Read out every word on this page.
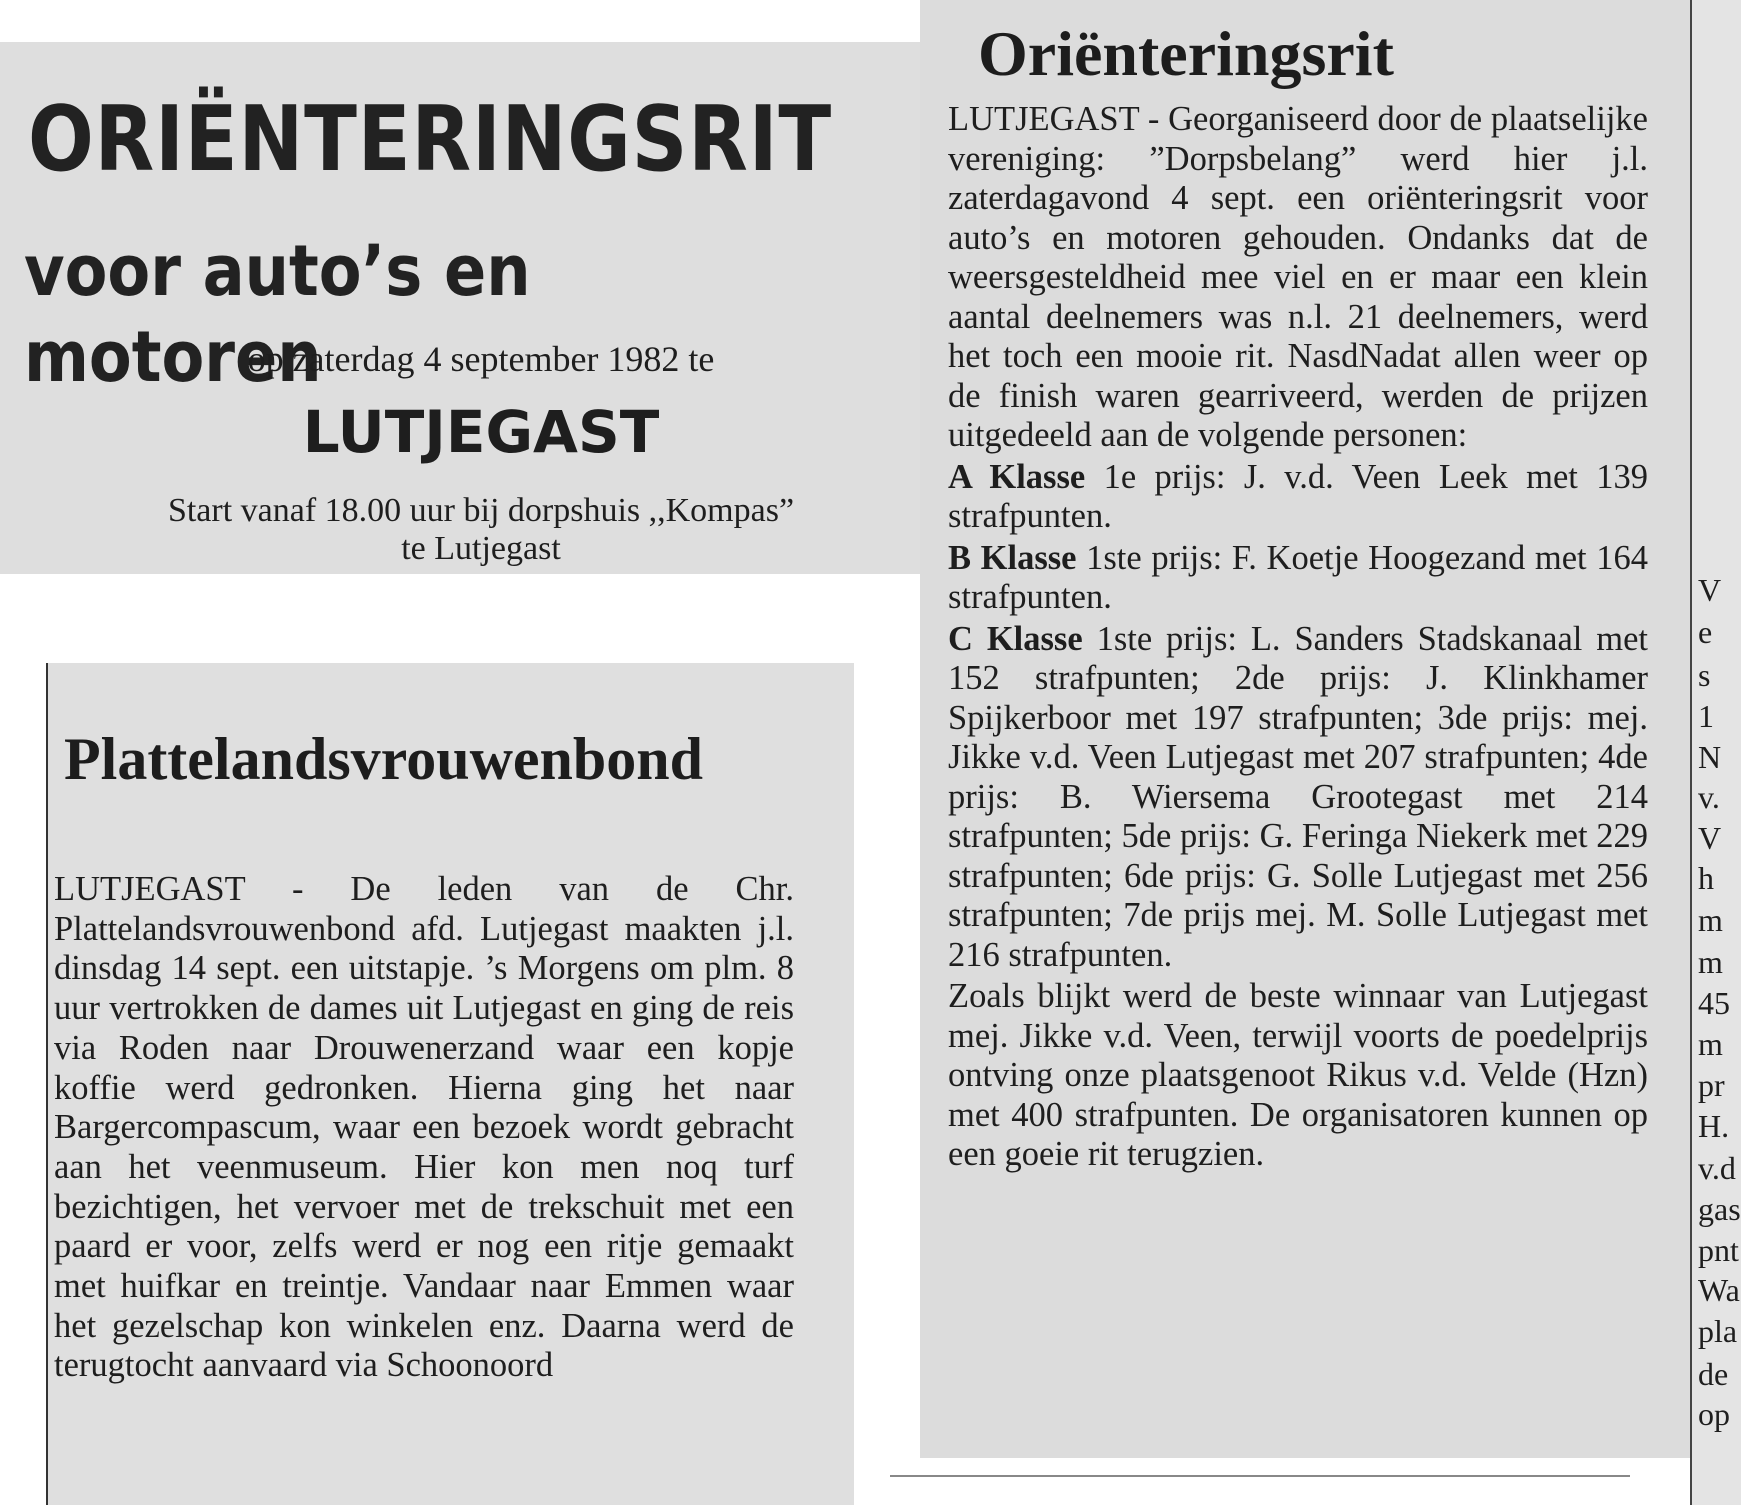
ORIËNTERINGSRIT
voor auto’s en motoren
op zaterdag 4 september 1982 te
LUTJEGAST
Start vanaf 18.00 uur bij dorpshuis ,,Kompas”
te Lutjegast
Oriënteringsrit

LUTJEGAST - Georganiseerd door de plaatselijke vereniging: ”Dorpsbelang” werd hier j.l. zaterdagavond 4 sept. een oriënteringsrit voor auto’s en motoren gehouden. Ondanks dat de weersgesteldheid mee viel en er maar een klein aantal deelnemers was n.l. 21 deelnemers, werd het toch een mooie rit. NasdNadat allen weer op de finish waren gearriveerd, werden de prijzen uitgedeeld aan de volgende personen:

A Klasse 1e prijs: J. v.d. Veen Leek met 139 strafpunten.

B Klasse 1ste prijs: F. Koetje Hoogezand met 164 strafpunten.

C Klasse 1ste prijs: L. Sanders Stadskanaal met 152 strafpunten; 2de prijs: J. Klinkhamer Spijkerboor met 197 strafpunten; 3de prijs: mej. Jikke v.d. Veen Lutjegast met 207 strafpunten; 4de prijs: B. Wiersema Grootegast met 214 strafpunten; 5de prijs: G. Feringa Niekerk met 229 strafpunten; 6de prijs: G. Solle Lutjegast met 256 strafpunten; 7de prijs mej. M. Solle Lutjegast met 216 strafpunten.

Zoals blijkt werd de beste winnaar van Lutjegast mej. Jikke v.d. Veen, terwijl voorts de poedelprijs ontving onze plaatsgenoot Rikus v.d. Velde (Hzn) met 400 strafpunten. De organisatoren kunnen op een goeie rit terugzien.

Plattelandsvrouwenbond

LUTJEGAST - De leden van de Chr. Plattelandsvrouwenbond afd. Lutjegast maakten j.l. dinsdag 14 sept. een uitstapje. ’s Morgens om plm. 8 uur vertrokken de dames uit Lutjegast en ging de reis via Roden naar Drouwenerzand waar een kopje koffie werd gedronken. Hierna ging het naar Bargercompascum, waar een bezoek wordt gebracht aan het veenmuseum. Hier kon men noq turf bezichtigen, het vervoer met de trekschuit met een paard er voor, zelfs werd er nog een ritje gemaakt met huifkar en treintje. Vandaar naar Emmen waar het gezelschap kon winkelen enz. Daarna werd de terugtocht aanvaard via Schoonoord

V
e
s
1
N
v.
V
h
m
m
45
m
pr
H.
v.d
gas
pnt
Wa
pla
de
op
